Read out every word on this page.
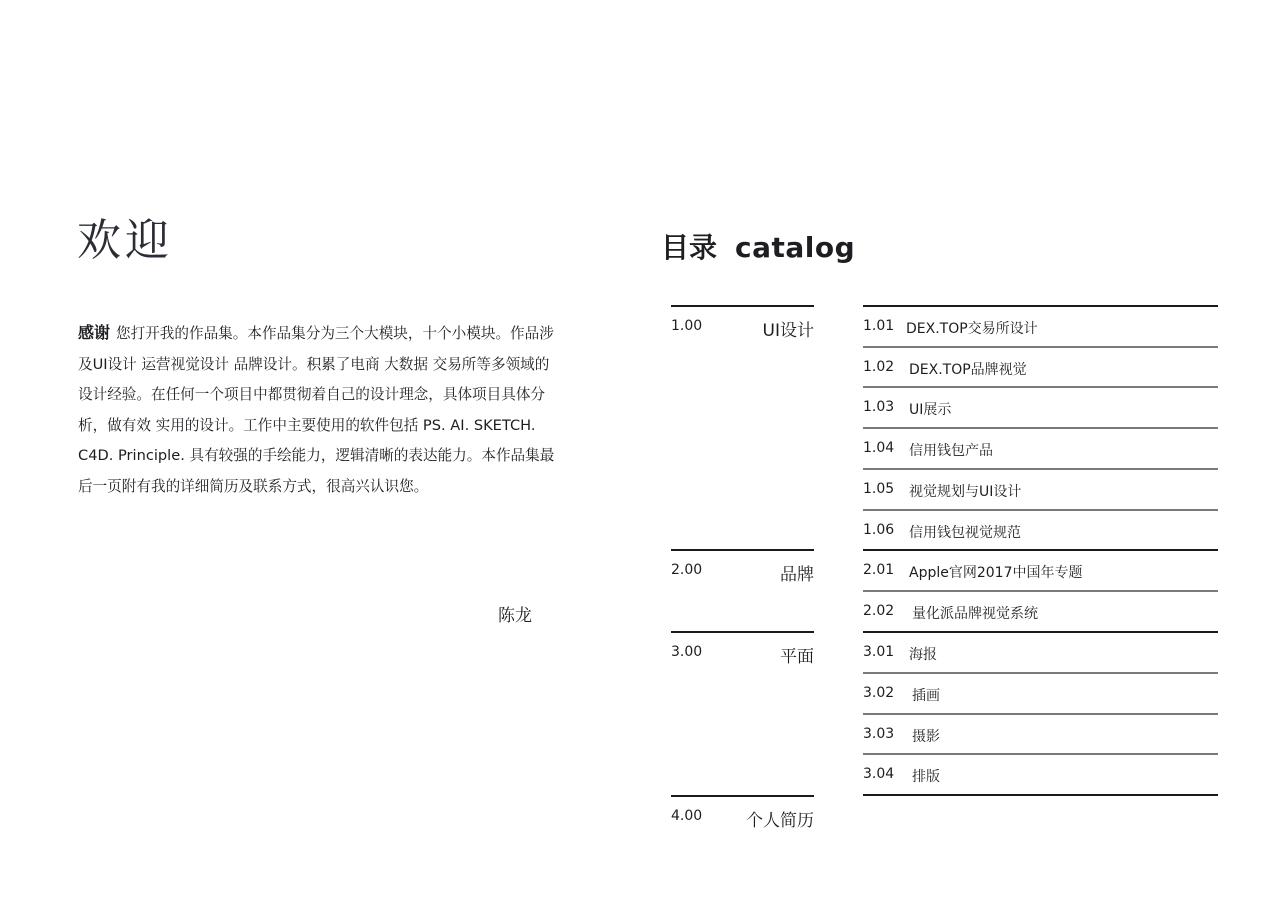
欢迎

感谢 您打开我的作品集。本作品集分为三个大模块，十个小模块。作品涉及UI设计 运营视觉设计 品牌设计。积累了电商 大数据 交易所等多领域的设计经验。在任何一个项目中都贯彻着自己的设计理念，具体项目具体分析，做有效 实用的设计。工作中主要使用的软件包括 PS. AI. SKETCH. C4D. Principle. 具有较强的手绘能力，逻辑清晰的表达能力。本作品集最后一页附有我的详细简历及联系方式，很高兴认识您。

陈龙
目录 catalog
1.00	UI设计
2.00	品牌
3.00	平面
4.00	个人简历
1.01 DEX.TOP交易所设计
1.02 DEX.TOP品牌视觉
1.03 UI展示
1.04 信用钱包产品
1.05 视觉规划与UI设计
1.06 信用钱包视觉规范
2.01 Apple官网2017中国年专题
2.02 量化派品牌视觉系统
3.01 海报
3.02 插画
3.03 摄影
3.04 排版
